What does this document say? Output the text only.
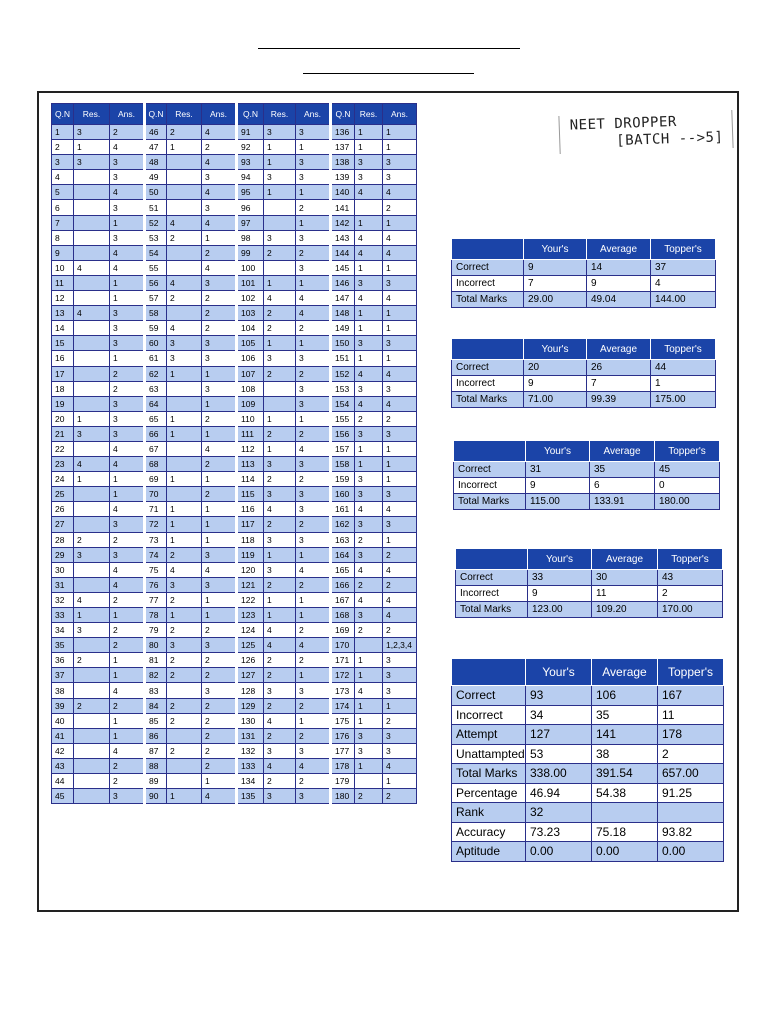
NEET DROPPER
[BATCH -->5]
Q.N	Res.	Ans.	Q.N	Res.	Ans.	Q.N	Res.	Ans.	Q.N	Res.	Ans.
1	3	2	46	2	4	91	3	3	136	1	1
2	1	4	47	1	2	92	1	1	137	1	1
3	3	3	48		4	93	1	3	138	3	3
4		3	49		3	94	3	3	139	3	3
5		4	50		4	95	1	1	140	4	4
6		3	51		3	96		2	141		2
7		1	52	4	4	97		1	142	1	1
8		3	53	2	1	98	3	3	143	4	4
9		4	54		2	99	2	2	144	4	4
10	4	4	55		4	100		3	145	1	1
11		1	56	4	3	101	1	1	146	3	3
12		1	57	2	2	102	4	4	147	4	4
13	4	3	58		2	103	2	4	148	1	1
14		3	59	4	2	104	2	2	149	1	1
15		3	60	3	3	105	1	1	150	3	3
16		1	61	3	3	106	3	3	151	1	1
17		2	62	1	1	107	2	2	152	4	4
18		2	63		3	108		3	153	3	3
19		3	64		1	109		3	154	4	4
20	1	3	65	1	2	110	1	1	155	2	2
21	3	3	66	1	1	111	2	2	156	3	3
22		4	67		4	112	1	4	157	1	1
23	4	4	68		2	113	3	3	158	1	1
24	1	1	69	1	1	114	2	2	159	3	1
25		1	70		2	115	3	3	160	3	3
26		4	71	1	1	116	4	3	161	4	4
27		3	72	1	1	117	2	2	162	3	3
28	2	2	73	1	1	118	3	3	163	2	1
29	3	3	74	2	3	119	1	1	164	3	2
30		4	75	4	4	120	3	4	165	4	4
31		4	76	3	3	121	2	2	166	2	2
32	4	2	77	2	1	122	1	1	167	4	4
33	1	1	78	1	1	123	1	1	168	3	4
34	3	2	79	2	2	124	4	2	169	2	2
35		2	80	3	3	125	4	4	170		1,2,3,4
36	2	1	81	2	2	126	2	2	171	1	3
37		1	82	2	2	127	2	1	172	1	3
38		4	83		3	128	3	3	173	4	3
39	2	2	84	2	2	129	2	2	174	1	1
40		1	85	2	2	130	4	1	175	1	2
41		1	86		2	131	2	2	176	3	3
42		4	87	2	2	132	3	3	177	3	3
43		2	88		2	133	4	4	178	1	4
44		2	89		1	134	2	2	179		1
45		3	90	1	4	135	3	3	180	2	2
	Your's	Average	Topper's
Correct	9	14	37
Incorrect	7	9	4
Total Marks	29.00	49.04	144.00
	Your's	Average	Topper's
Correct	20	26	44
Incorrect	9	7	1
Total Marks	71.00	99.39	175.00
	Your's	Average	Topper's
Correct	31	35	45
Incorrect	9	6	0
Total Marks	115.00	133.91	180.00
	Your's	Average	Topper's
Correct	33	30	43
Incorrect	9	11	2
Total Marks	123.00	109.20	170.00
	Your's	Average	Topper's
Correct	93	106	167
Incorrect	34	35	11
Attempt	127	141	178
Unattampted	53	38	2
Total Marks	338.00	391.54	657.00
Percentage	46.94	54.38	91.25
Rank	32		
Accuracy	73.23	75.18	93.82
Aptitude	0.00	0.00	0.00
